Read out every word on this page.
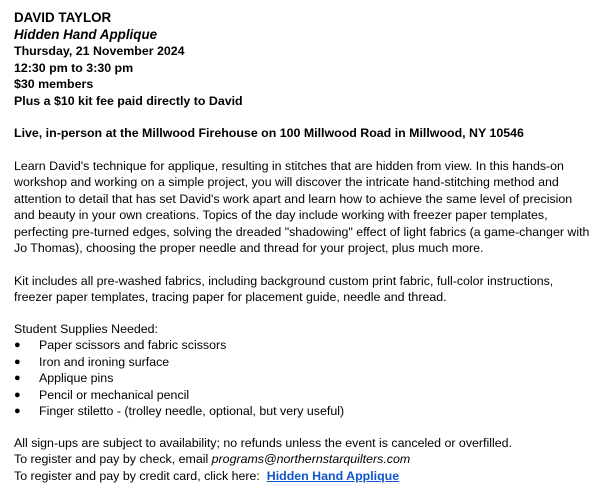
DAVID TAYLOR
Hidden Hand Applique
Thursday, 21 November 2024
12:30 pm to 3:30 pm
$30 members
Plus a $10 kit fee paid directly to David
Live, in-person at the Millwood Firehouse on 100 Millwood Road in Millwood, NY 10546

Learn David's technique for applique, resulting in stitches that are hidden from view. In this hands-on workshop and working on a simple project, you will discover the intricate hand-stitching method and attention to detail that has set David's work apart and learn how to achieve the same level of precision and beauty in your own creations. Topics of the day include working with freezer paper templates, perfecting pre-turned edges, solving the dreaded "shadowing" effect of light fabrics (a game-changer with Jo Thomas), choosing the proper needle and thread for your project, plus much more.

Kit includes all pre-washed fabrics, including background custom print fabric, full-color instructions, freezer paper templates, tracing paper for placement guide, needle and thread.

Student Supplies Needed:
● Paper scissors and fabric scissors
● Iron and ironing surface
● Applique pins
● Pencil or mechanical pencil
● Finger stiletto - (trolley needle, optional, but very useful)
All sign-ups are subject to availability; no refunds unless the event is canceled or overfilled.
To register and pay by check, email programs@northernstarquilters.com
To register and pay by credit card, click here:  Hidden Hand Applique
